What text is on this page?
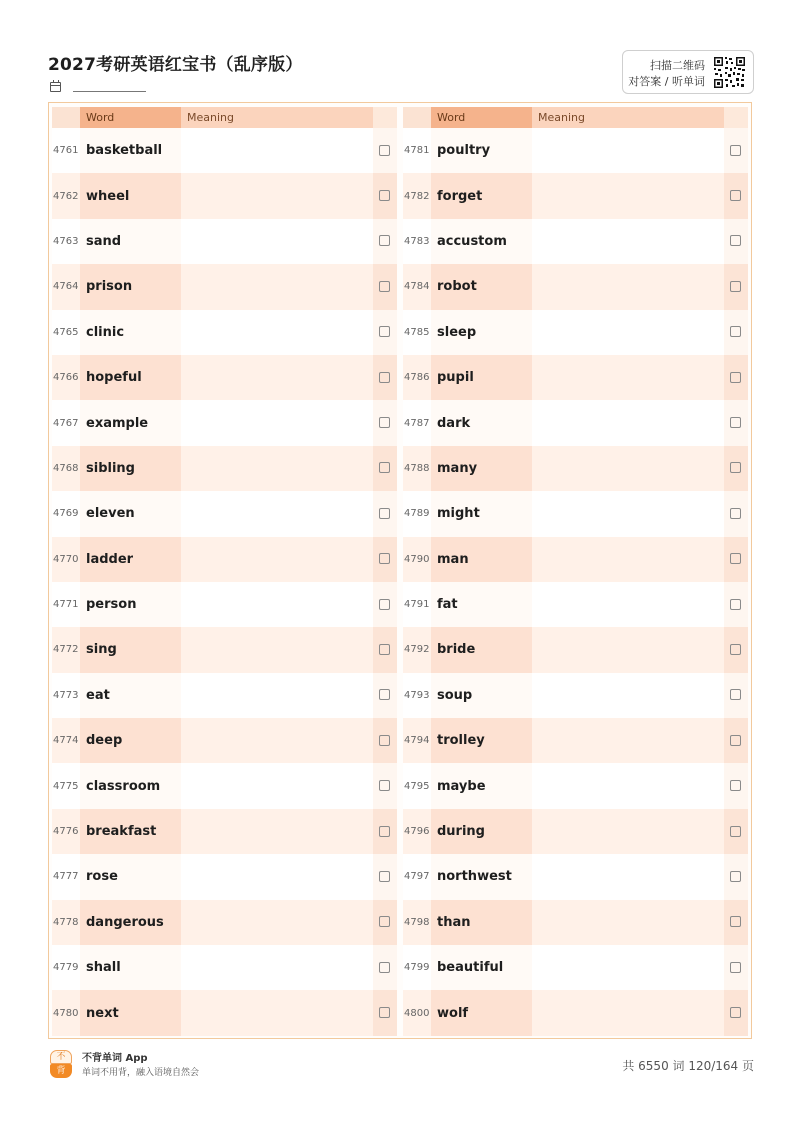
2027考研英语红宝书（乱序版）	扫描二维码
对答案 / 听单词
Word	Meaning
4761 basketball
4762 wheel
4763 sand
4764 prison
4765 clinic
4766 hopeful
4767 example
4768 sibling
4769 eleven
4770 ladder
4771 person
4772 sing
4773 eat
4774 deep
4775 classroom
4776 breakfast
4777 rose
4778 dangerous
4779 shall
4780 next
Word	Meaning
4781 poultry
4782 forget
4783 accustom
4784 robot
4785 sleep
4786 pupil
4787 dark
4788 many
4789 might
4790 man
4791 fat
4792 bride
4793 soup
4794 trolley
4795 maybe
4796 during
4797 northwest
4798 than
4799 beautiful
4800 wolf
不
背
不背单词 App
单词不用背，融入语境自然会	共 6550 词 120/164 页
